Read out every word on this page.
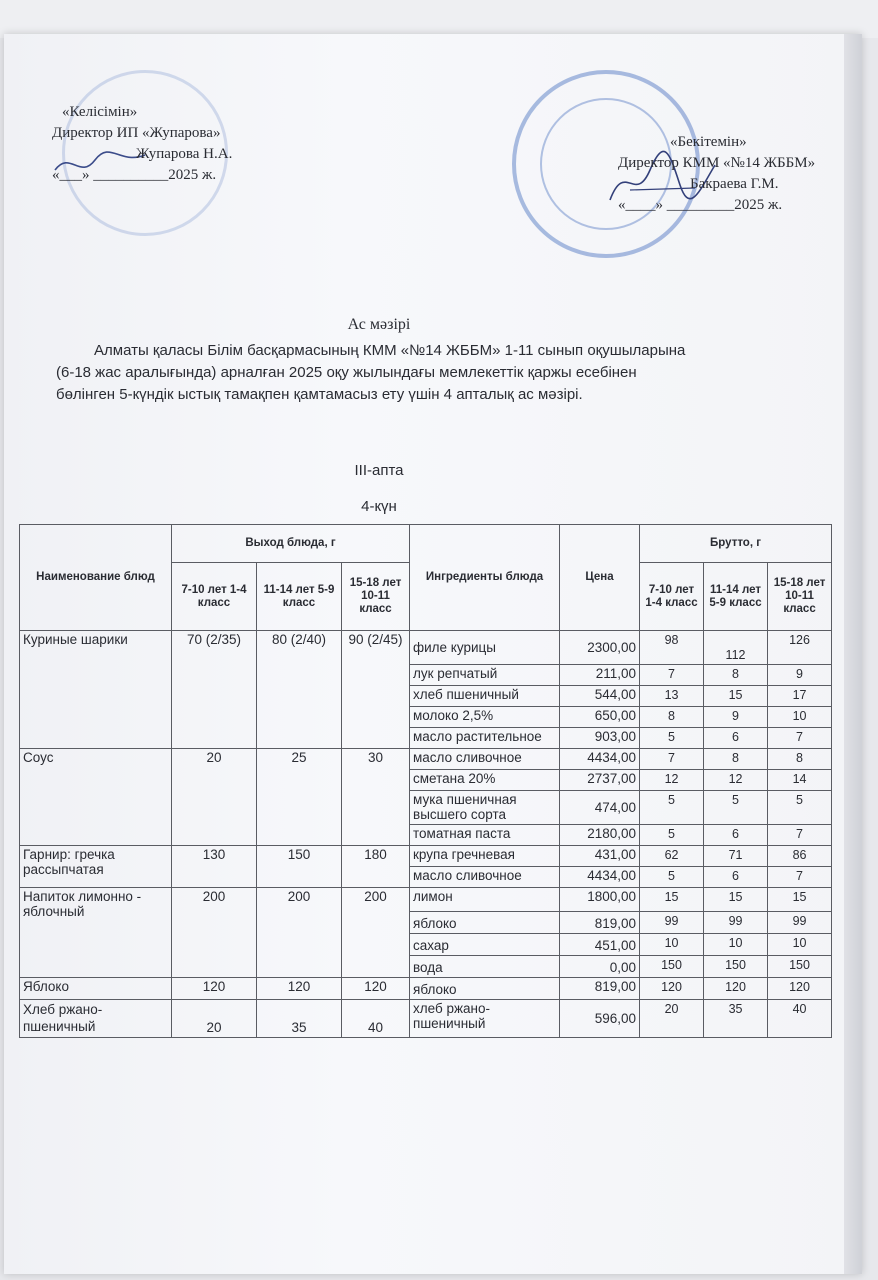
«Келісімін»
Директор ИП «Жупарова»
Жупарова Н.А.
«___» __________2025 ж.
«Бекітемін»
Директор КММ «№14 ЖББМ»
Бакраева Г.М.
«____» _________2025 ж.
Ас мәзірі
Алматы қаласы Білім басқармасының КММ «№14 ЖББМ» 1-11 сынып оқушыларына (6-18 жас аралығында) арналған 2025 оқу жылындағы мемлекеттік қаржы есебінен бөлінген 5-күндік ыстық тамақпен қамтамасыз ету үшін 4 апталық ас мәзірі.
III-апта
4-күн
Наименование блюд	Выход блюда, г			Ингредиенты блюда	Цена	Брутто, г		
	7-10 лет 1-4 класс	11-14 лет 5-9 класс	15-18 лет 10-11 класс			7-10 лет 1-4 класс	11-14 лет 5-9 класс	15-18 лет 10-11 класс
Куриные шарики	70 (2/35)	80 (2/40)	90 (2/45)	филе курицы	2300,00	98	112	126
				лук репчатый	211,00	7	8	9
				хлеб пшеничный	544,00	13	15	17
				молоко 2,5%	650,00	8	9	10
				масло растительное	903,00	5	6	7
Соус	20	25	30	масло сливочное	4434,00	7	8	8
				сметана 20%	2737,00	12	12	14
				мука пшеничная высшего сорта	474,00	5	5	5
				томатная паста	2180,00	5	6	7
Гарнир: гречка рассыпчатая	130	150	180	крупа гречневая	431,00	62	71	86
				масло сливочное	4434,00	5	6	7
Напиток лимонно - яблочный	200	200	200	лимон	1800,00	15	15	15
				яблоко	819,00	99	99	99
				сахар	451,00	10	10	10
				вода	0,00	150	150	150
Яблоко	120	120	120	яблоко	819,00	120	120	120
Хлеб ржано-пшеничный	20	35	40	хлеб ржано-пшеничный	596,00	20	35	40
